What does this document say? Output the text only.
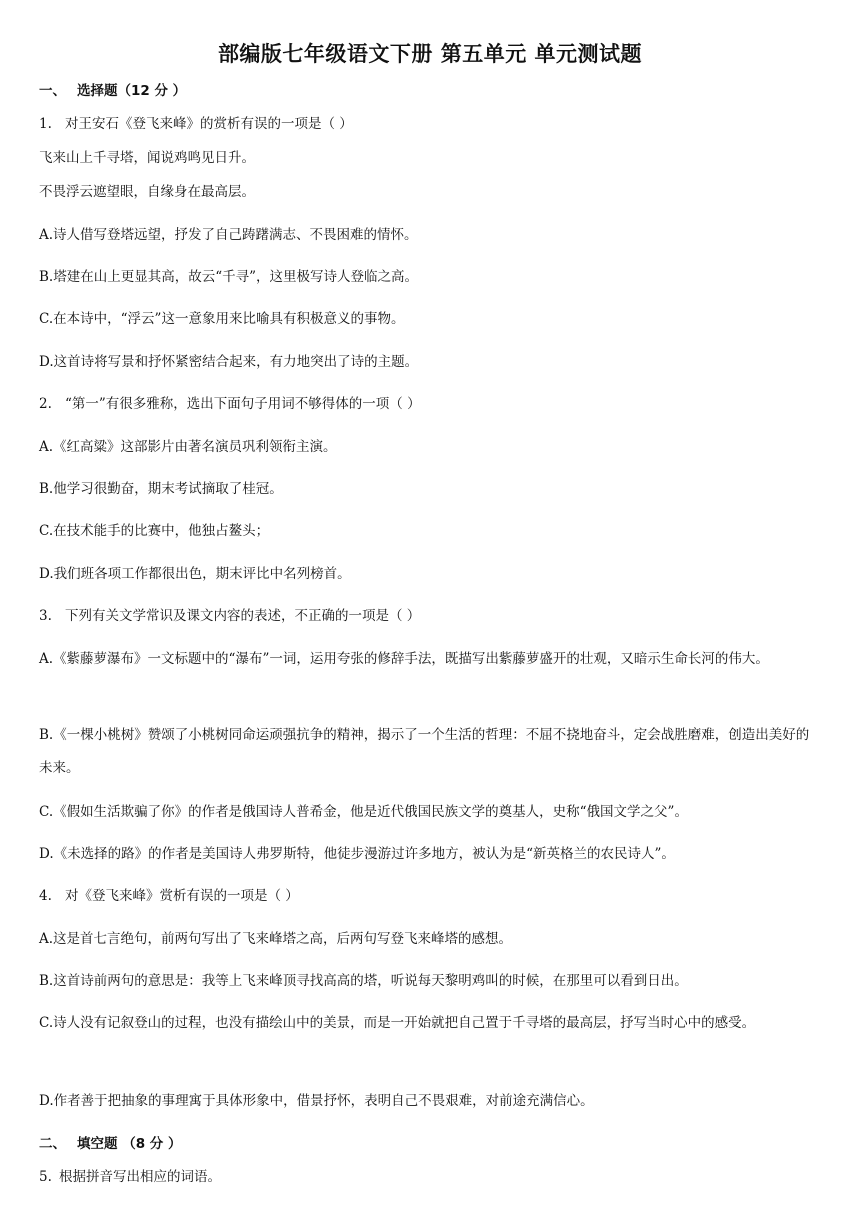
部编版七年级语文下册 第五单元 单元测试题
一、 选择题（12 分 ）
1. 对王安石《登飞来峰》的赏析有误的一项是（ ）
飞来山上千寻塔，闻说鸡鸣见日升。
不畏浮云遮望眼，自缘身在最高层。
A.诗人借写登塔远望，抒发了自己踌躇满志、不畏困难的情怀。
B.塔建在山上更显其高，故云“千寻”，这里极写诗人登临之高。
C.在本诗中，“浮云”这一意象用来比喻具有积极意义的事物。
D.这首诗将写景和抒怀紧密结合起来，有力地突出了诗的主题。
2. “第一”有很多雅称，选出下面句子用词不够得体的一项（ ）
A.《红高粱》这部影片由著名演员巩利领衔主演。
B.他学习很勤奋，期末考试摘取了桂冠。
C.在技术能手的比赛中，他独占鳌头；
D.我们班各项工作都很出色，期末评比中名列榜首。
3. 下列有关文学常识及课文内容的表述，不正确的一项是（ ）
A.《紫藤萝瀑布》一文标题中的“瀑布”一词，运用夸张的修辞手法，既描写出紫藤萝盛开的壮观，又暗示生命长河的伟大。
B.《一棵小桃树》赞颂了小桃树同命运顽强抗争的精神，揭示了一个生活的哲理：不屈不挠地奋斗，定会战胜磨难，创造出美好的未来。
C.《假如生活欺骗了你》的作者是俄国诗人普希金，他是近代俄国民族文学的奠基人，史称“俄国文学之父”。
D.《未选择的路》的作者是美国诗人弗罗斯特，他徒步漫游过许多地方，被认为是“新英格兰的农民诗人”。
4. 对《登飞来峰》赏析有误的一项是（ ）
A.这是首七言绝句，前两句写出了飞来峰塔之高，后两句写登飞来峰塔的感想。
B.这首诗前两句的意思是：我等上飞来峰顶寻找高高的塔，听说每天黎明鸡叫的时候，在那里可以看到日出。
C.诗人没有记叙登山的过程，也没有描绘山中的美景，而是一开始就把自己置于千寻塔的最高层，抒写当时心中的感受。
D.作者善于把抽象的事理寓于具体形象中，借景抒怀，表明自己不畏艰难，对前途充满信心。
二、 填空题 （8 分 ）
5. 根据拼音写出相应的词语。
